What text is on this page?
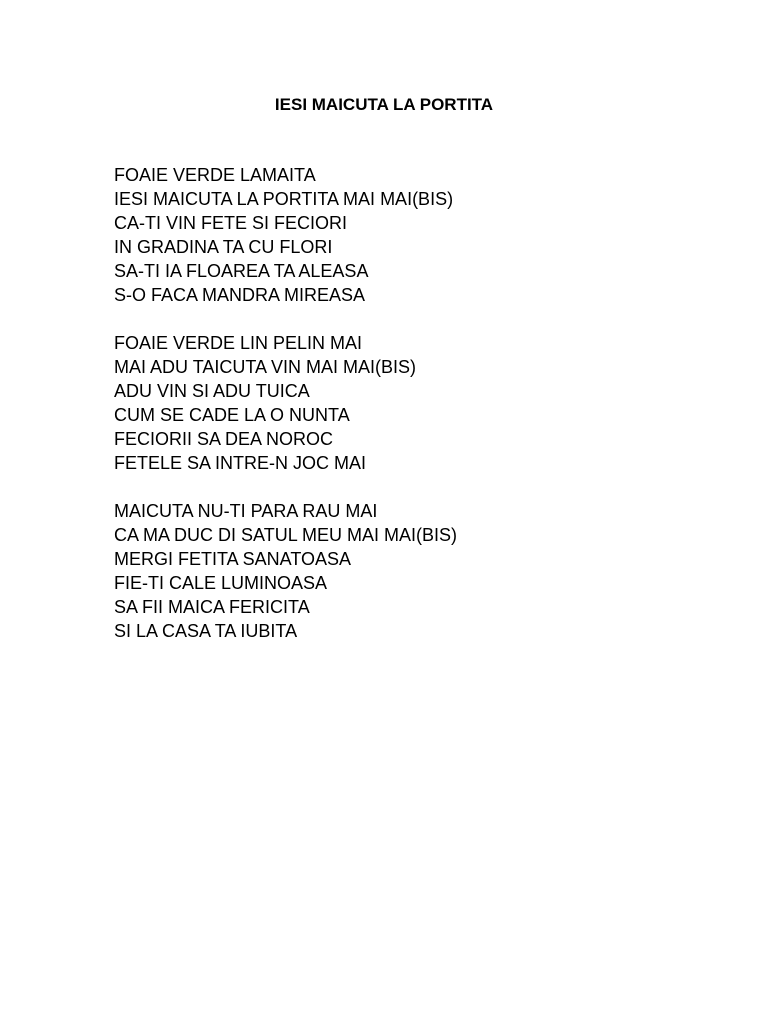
IESI MAICUTA LA PORTITA
FOAIE VERDE LAMAITA
IESI MAICUTA LA PORTITA MAI MAI(BIS)
CA-TI VIN FETE SI FECIORI
IN GRADINA TA CU FLORI
SA-TI IA FLOAREA TA ALEASA
S-O FACA MANDRA MIREASA
FOAIE VERDE LIN PELIN MAI
MAI ADU TAICUTA VIN MAI MAI(BIS)
ADU VIN SI ADU TUICA
CUM SE CADE LA O NUNTA
FECIORII SA DEA NOROC
FETELE SA INTRE-N JOC MAI
MAICUTA NU-TI PARA RAU MAI
CA MA DUC DI SATUL MEU MAI MAI(BIS)
MERGI FETITA SANATOASA
FIE-TI CALE LUMINOASA
SA FII MAICA FERICITA
SI LA CASA TA IUBITA
